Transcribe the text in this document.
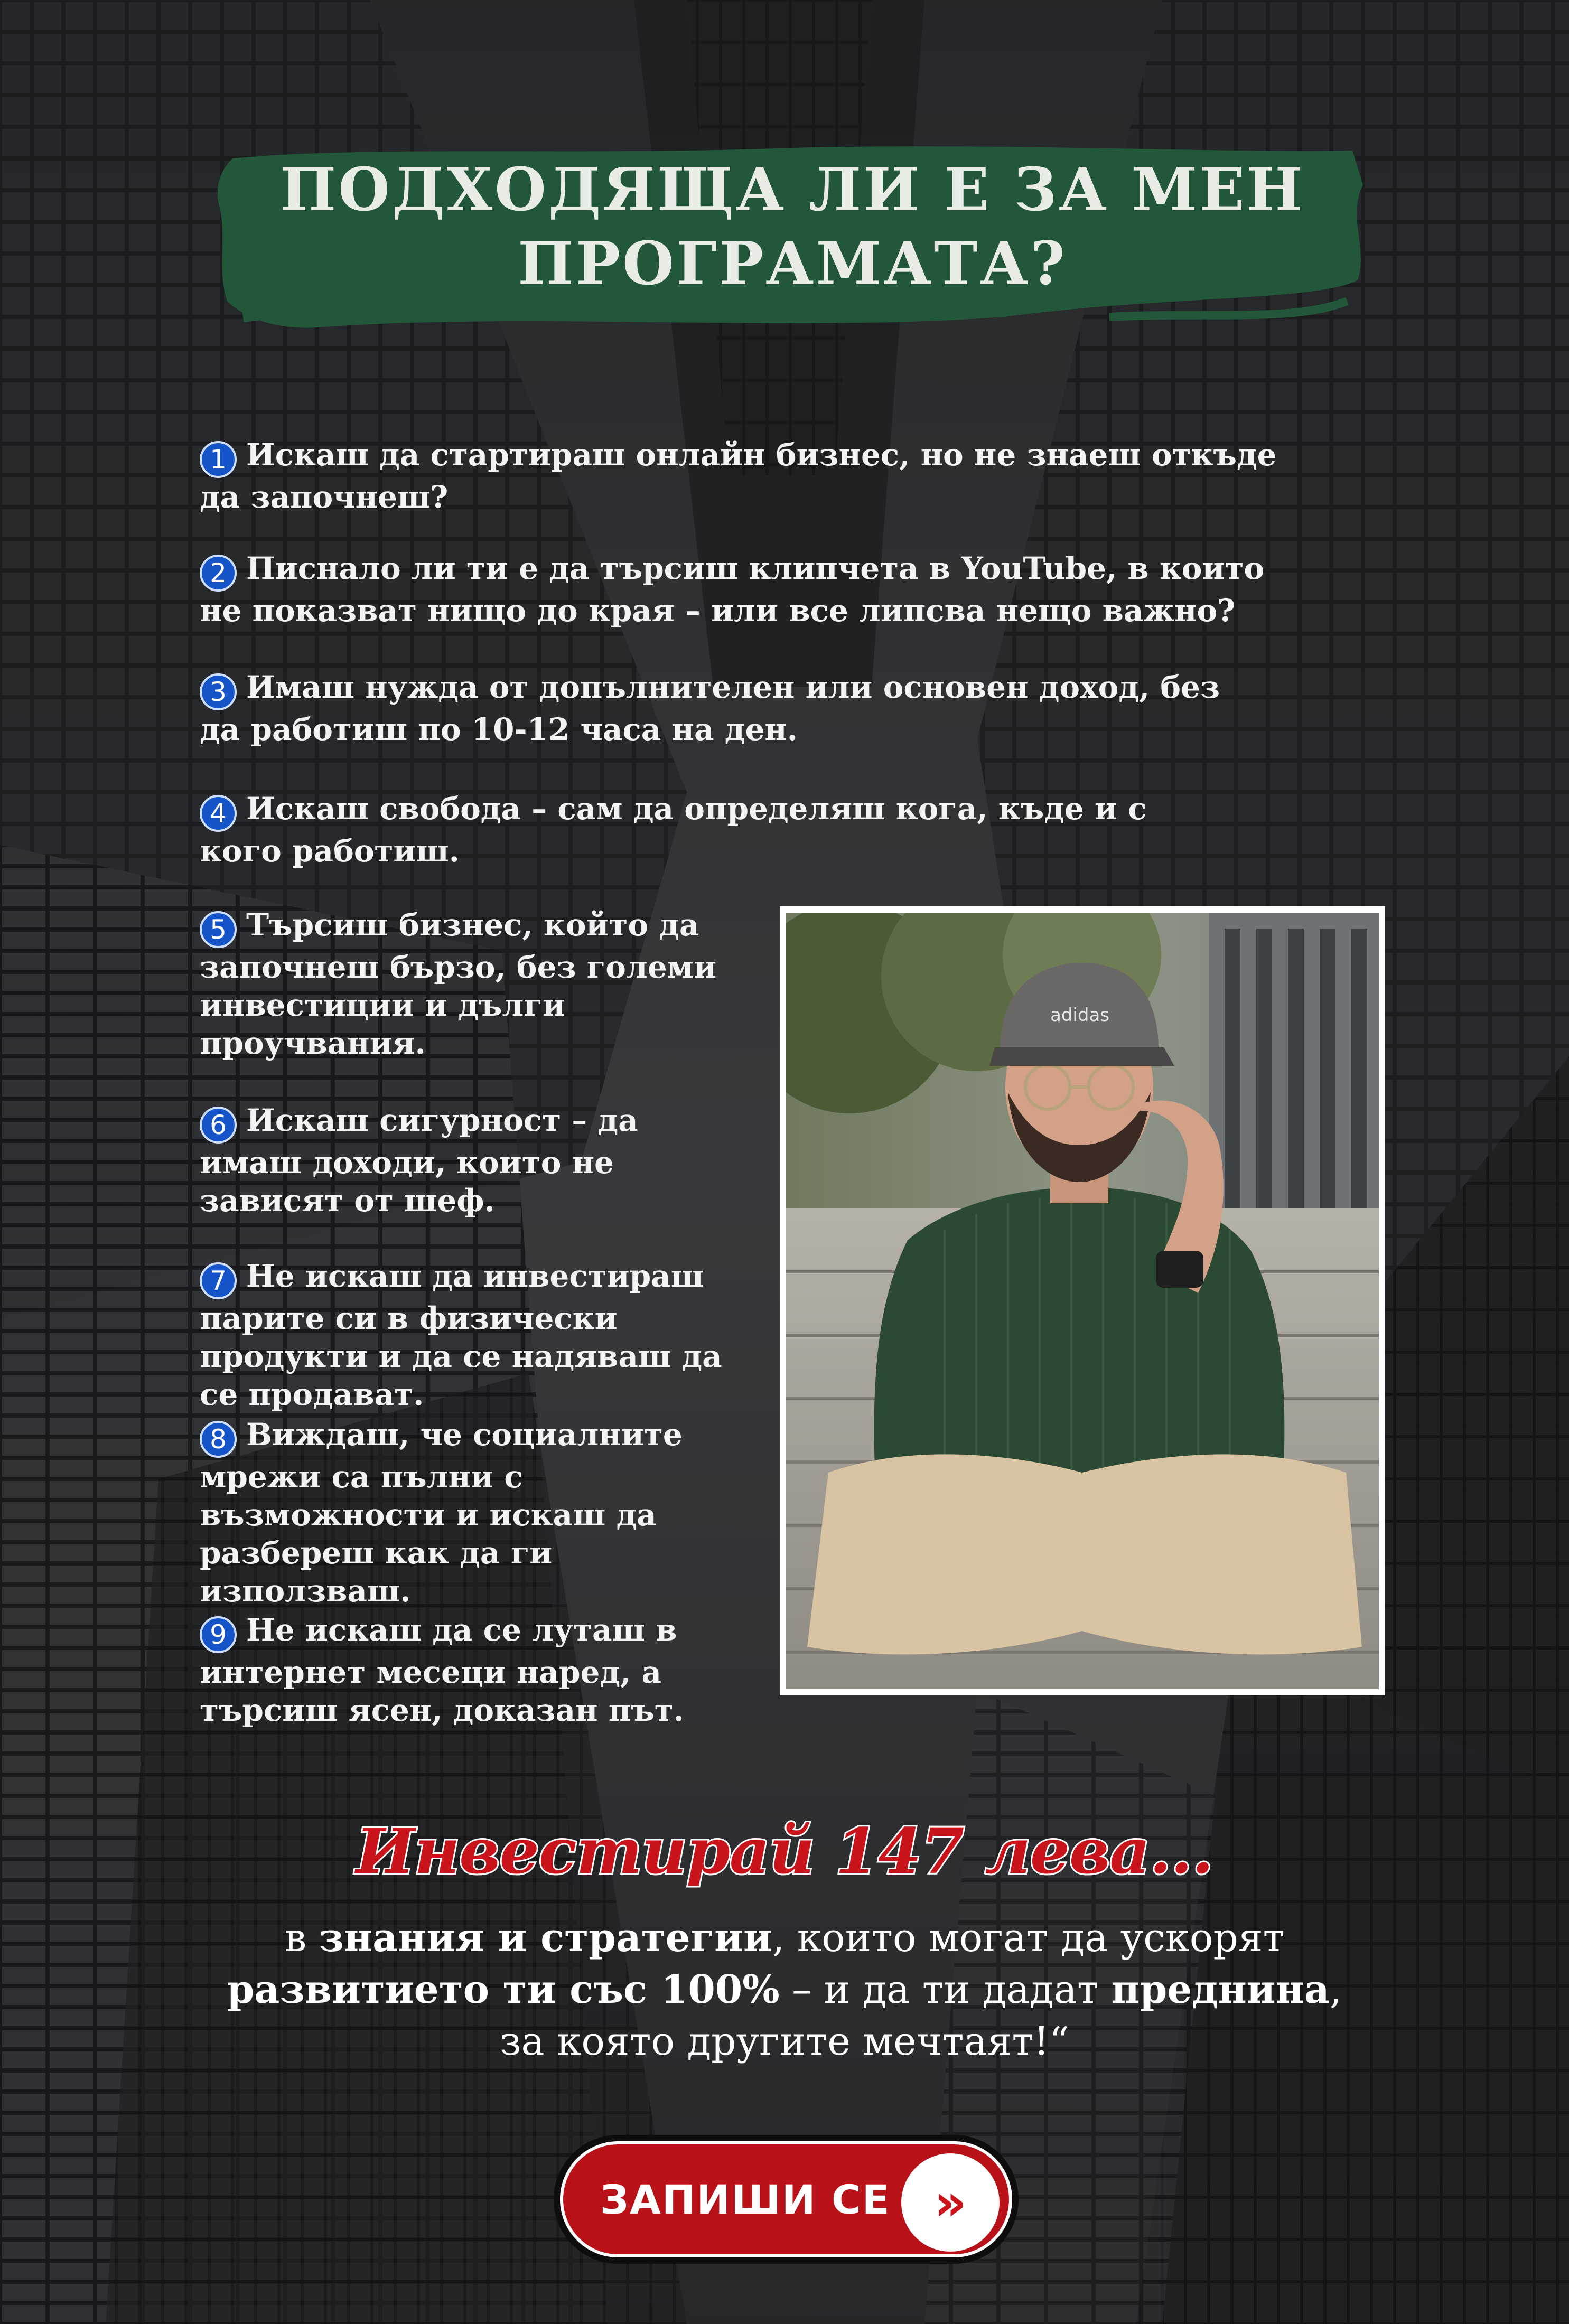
ПОДХОДЯЩА ЛИ Е ЗА МЕН
ПРОГРАМАТА?
1 Искаш да стартираш онлайн бизнес, но не знаеш откъде да започнеш?
2 Писнало ли ти е да търсиш клипчета в YouTube, в които не показват нищо до края – или все липсва нещо важно?
3 Имаш нужда от допълнителен или основен доход, без да работиш по 10-12 часа на ден.
4 Искаш свобода – сам да определяш кога, къде и с кого работиш.
5 Търсиш бизнес, който да започнеш бързо, без големи инвестиции и дълги проучвания.
6 Искаш сигурност – да имаш доходи, които не зависят от шеф.
7 Не искаш да инвестираш парите си в физически продукти и да се надяваш да се продават.
8 Виждаш, че социалните мрежи са пълни с възможности и искаш да разбереш как да ги използваш.
9 Не искаш да се луташ в интернет месеци наред, а търсиш ясен, доказан път.
adidas
Инвестирай 147 лева...
в знания и стратегии, които могат да ускорят развитието ти със 100% – и да ти дадат преднина, за която другите мечтаят!“
ЗАПИШИ СЕ »
